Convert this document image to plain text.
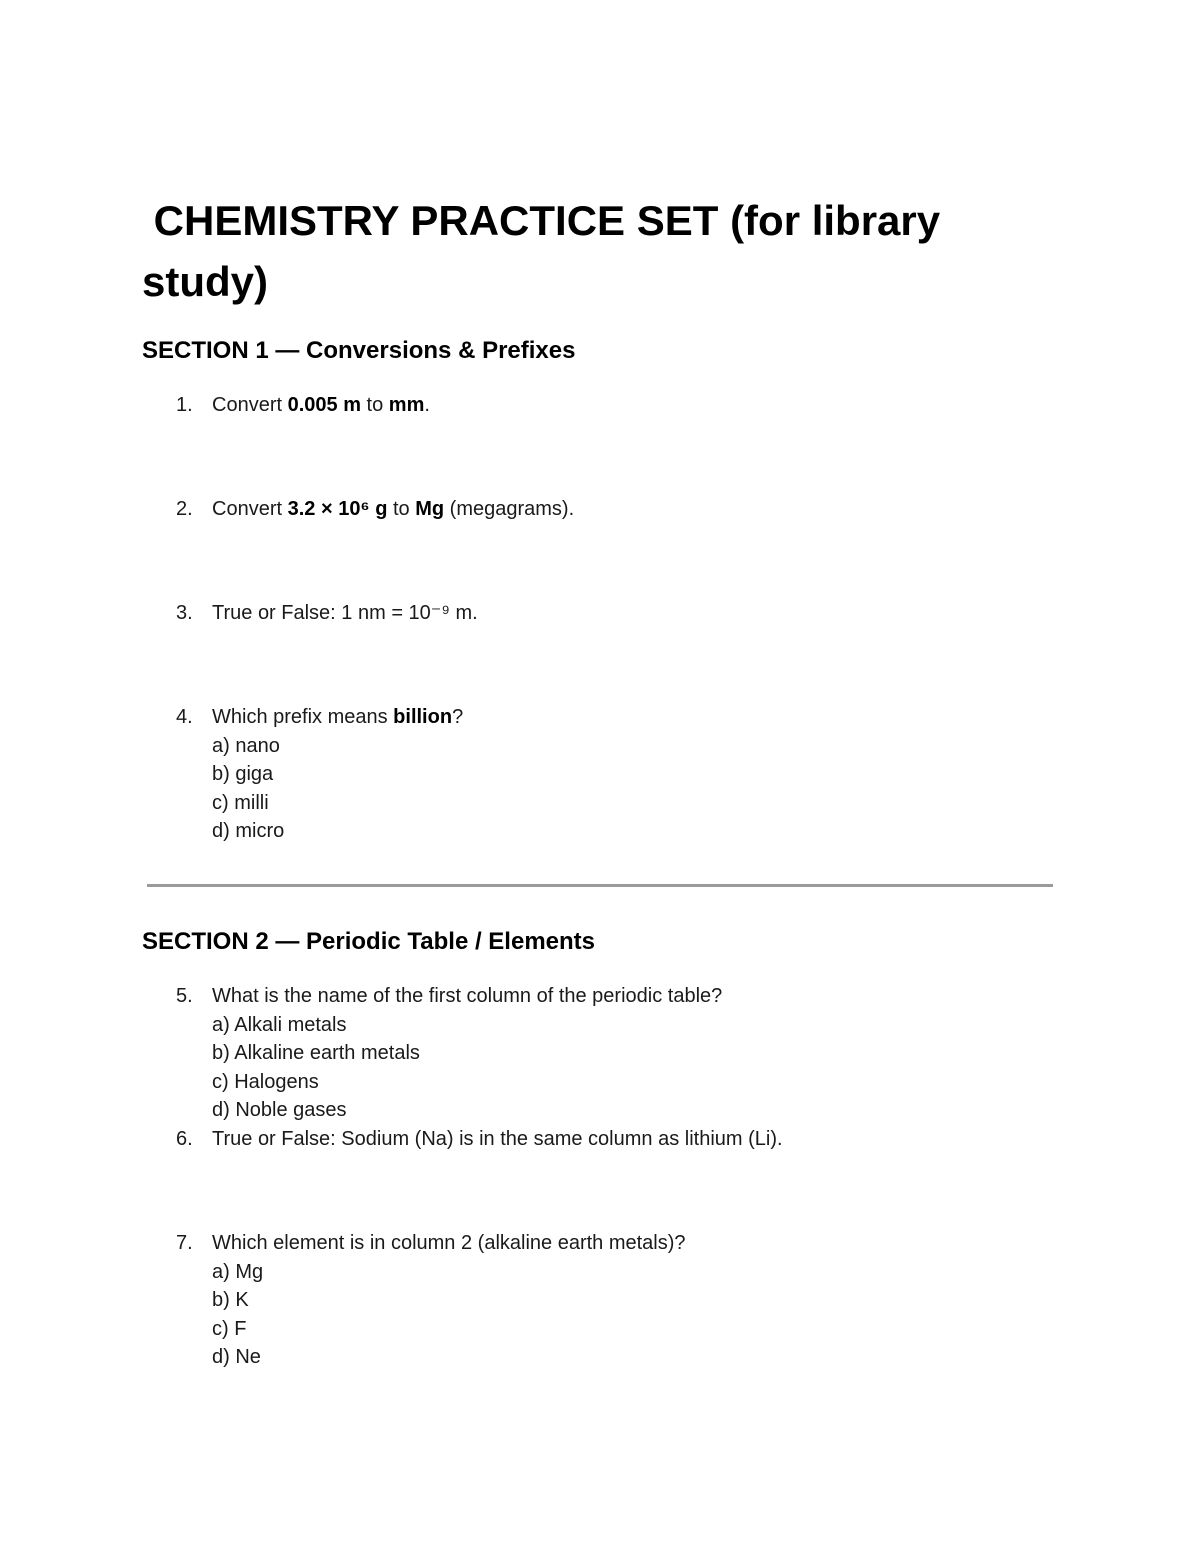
CHEMISTRY PRACTICE SET (for library study)
SECTION 1 — Conversions & Prefixes
1. Convert 0.005 m to mm.
2. Convert 3.2 × 10⁶ g to Mg (megagrams).
3. True or False: 1 nm = 10⁻⁹ m.
4. Which prefix means billion?
a) nano
b) giga
c) milli
d) micro
SECTION 2 — Periodic Table / Elements
5. What is the name of the first column of the periodic table?
a) Alkali metals
b) Alkaline earth metals
c) Halogens
d) Noble gases
6. True or False: Sodium (Na) is in the same column as lithium (Li).
7. Which element is in column 2 (alkaline earth metals)?
a) Mg
b) K
c) F
d) Ne
